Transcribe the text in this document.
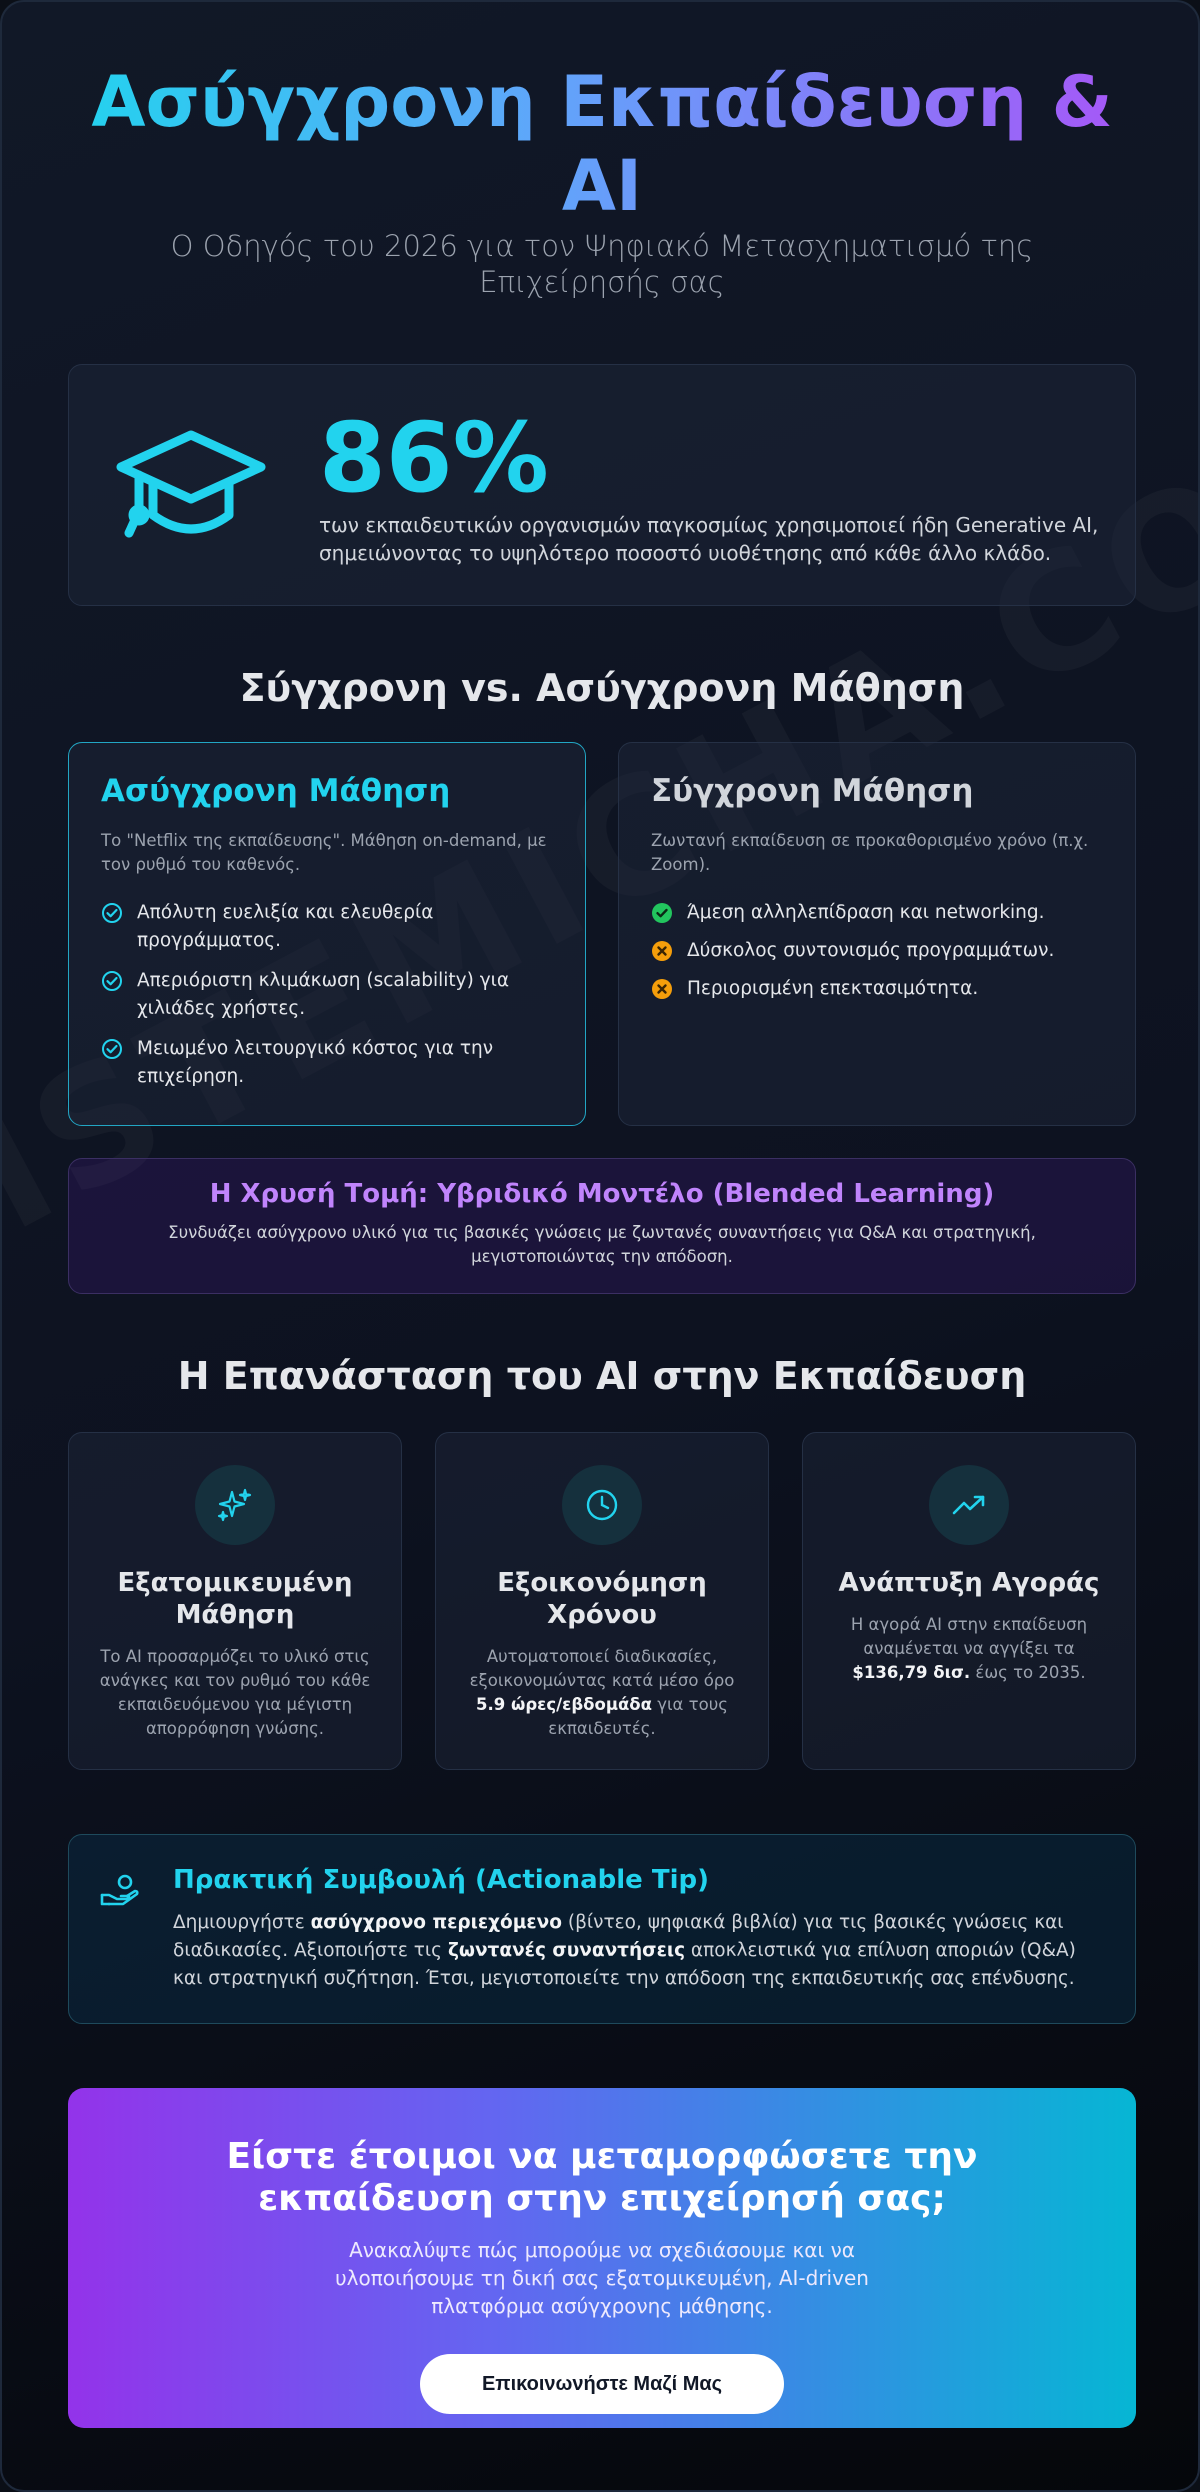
Ασύγχρονη Εκπαίδευση & AI

Ο Οδηγός του 2026 για τον Ψηφιακό Μετασχηματισμό της Επιχείρησής σας

86%
των εκπαιδευτικών οργανισμών παγκοσμίως χρησιμοποιεί ήδη Generative AI, σημειώνοντας το υψηλότερο ποσοστό υιοθέτησης από κάθε άλλο κλάδο.
Σύγχρονη vs. Ασύγχρονη Μάθηση
Ασύγχρονη Μάθηση

Το "Netflix της εκπαίδευσης". Μάθηση on-demand, με τον ρυθμό του καθενός.

Απόλυτη ευελιξία και ελευθερία προγράμματος.
Απεριόριστη κλιμάκωση (scalability) για χιλιάδες χρήστες.
Μειωμένο λειτουργικό κόστος για την επιχείρηση.
Σύγχρονη Μάθηση

Ζωντανή εκπαίδευση σε προκαθορισμένο χρόνο (π.χ. Zoom).

Άμεση αλληλεπίδραση και networking.
Δύσκολος συντονισμός προγραμμάτων.
Περιορισμένη επεκτασιμότητα.
Η Χρυσή Τομή: Υβριδικό Μοντέλο (Blended Learning)

Συνδυάζει ασύγχρονο υλικό για τις βασικές γνώσεις με ζωντανές συναντήσεις για Q&A και στρατηγική, μεγιστοποιώντας την απόδοση.

Η Επανάσταση του AI στην Εκπαίδευση
Εξατομικευμένη Μάθηση

Το AI προσαρμόζει το υλικό στις ανάγκες και τον ρυθμό του κάθε εκπαιδευόμενου για μέγιστη απορρόφηση γνώσης.

Εξοικονόμηση Χρόνου

Αυτοματοποιεί διαδικασίες, εξοικονομώντας κατά μέσο όρο 5.9 ώρες/εβδομάδα για τους εκπαιδευτές.

Ανάπτυξη Αγοράς

Η αγορά AI στην εκπαίδευση αναμένεται να αγγίξει τα $136,79 δισ. έως το 2035.

Πρακτική Συμβουλή (Actionable Tip)

Δημιουργήστε ασύγχρονο περιεχόμενο (βίντεο, ψηφιακά βιβλία) για τις βασικές γνώσεις και διαδικασίες. Αξιοποιήστε τις ζωντανές συναντήσεις αποκλειστικά για επίλυση αποριών (Q&A) και στρατηγική συζήτηση. Έτσι, μεγιστοποιείτε την απόδοση της εκπαιδευτικής σας επένδυσης.

Είστε έτοιμοι να μεταμορφώσετε την εκπαίδευση στην επιχείρησή σας;

Ανακαλύψτε πώς μπορούμε να σχεδιάσουμε και να υλοποιήσουμε τη δική σας εξατομικευμένη, AI-driven πλατφόρμα ασύγχρονης μάθησης.

Επικοινωνήστε Μαζί Μας
